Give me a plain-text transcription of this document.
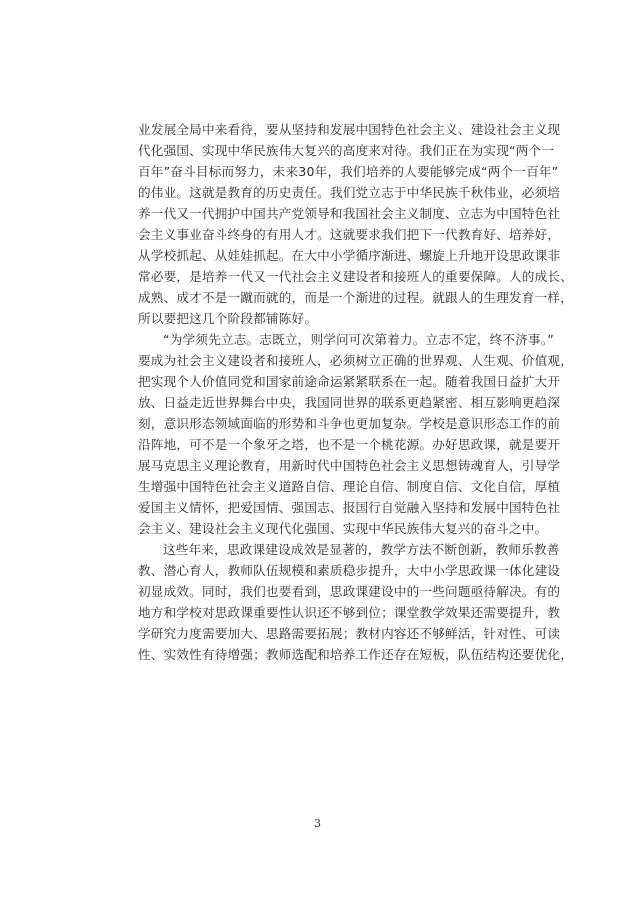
业发展全局中来看待，要从坚持和发展中国特色社会主义、建设社会主义现
代化强国、实现中华民族伟大复兴的高度来对待。我们正在为实现“两个一
百年”奋斗目标而努力，未来30年，我们培养的人要能够完成“两个一百年”
的伟业。这就是教育的历史责任。我们党立志于中华民族千秋伟业，必须培
养一代又一代拥护中国共产党领导和我国社会主义制度、立志为中国特色社
会主义事业奋斗终身的有用人才。这就要求我们把下一代教育好、培养好，
从学校抓起、从娃娃抓起。在大中小学循序渐进、螺旋上升地开设思政课非
常必要，是培养一代又一代社会主义建设者和接班人的重要保障。人的成长、
成熟、成才不是一蹴而就的，而是一个渐进的过程。就跟人的生理发育一样，
所以要把这几个阶段都铺陈好。
“为学须先立志。志既立，则学问可次第着力。立志不定，终不济事。”
要成为社会主义建设者和接班人，必须树立正确的世界观、人生观、价值观，
把实现个人价值同党和国家前途命运紧紧联系在一起。随着我国日益扩大开
放、日益走近世界舞台中央，我国同世界的联系更趋紧密、相互影响更趋深
刻，意识形态领域面临的形势和斗争也更加复杂。学校是意识形态工作的前
沿阵地，可不是一个象牙之塔，也不是一个桃花源。办好思政课，就是要开
展马克思主义理论教育，用新时代中国特色社会主义思想铸魂育人，引导学
生增强中国特色社会主义道路自信、理论自信、制度自信、文化自信，厚植
爱国主义情怀，把爱国情、强国志、报国行自觉融入坚持和发展中国特色社
会主义、建设社会主义现代化强国、实现中华民族伟大复兴的奋斗之中。
这些年来，思政课建设成效是显著的，教学方法不断创新，教师乐教善
教、潜心育人，教师队伍规模和素质稳步提升，大中小学思政课一体化建设
初显成效。同时，我们也要看到，思政课建设中的一些问题亟待解决。有的
地方和学校对思政课重要性认识还不够到位；课堂教学效果还需要提升，教
学研究力度需要加大、思路需要拓展；教材内容还不够鲜活，针对性、可读
性、实效性有待增强；教师选配和培养工作还存在短板，队伍结构还要优化，
3
